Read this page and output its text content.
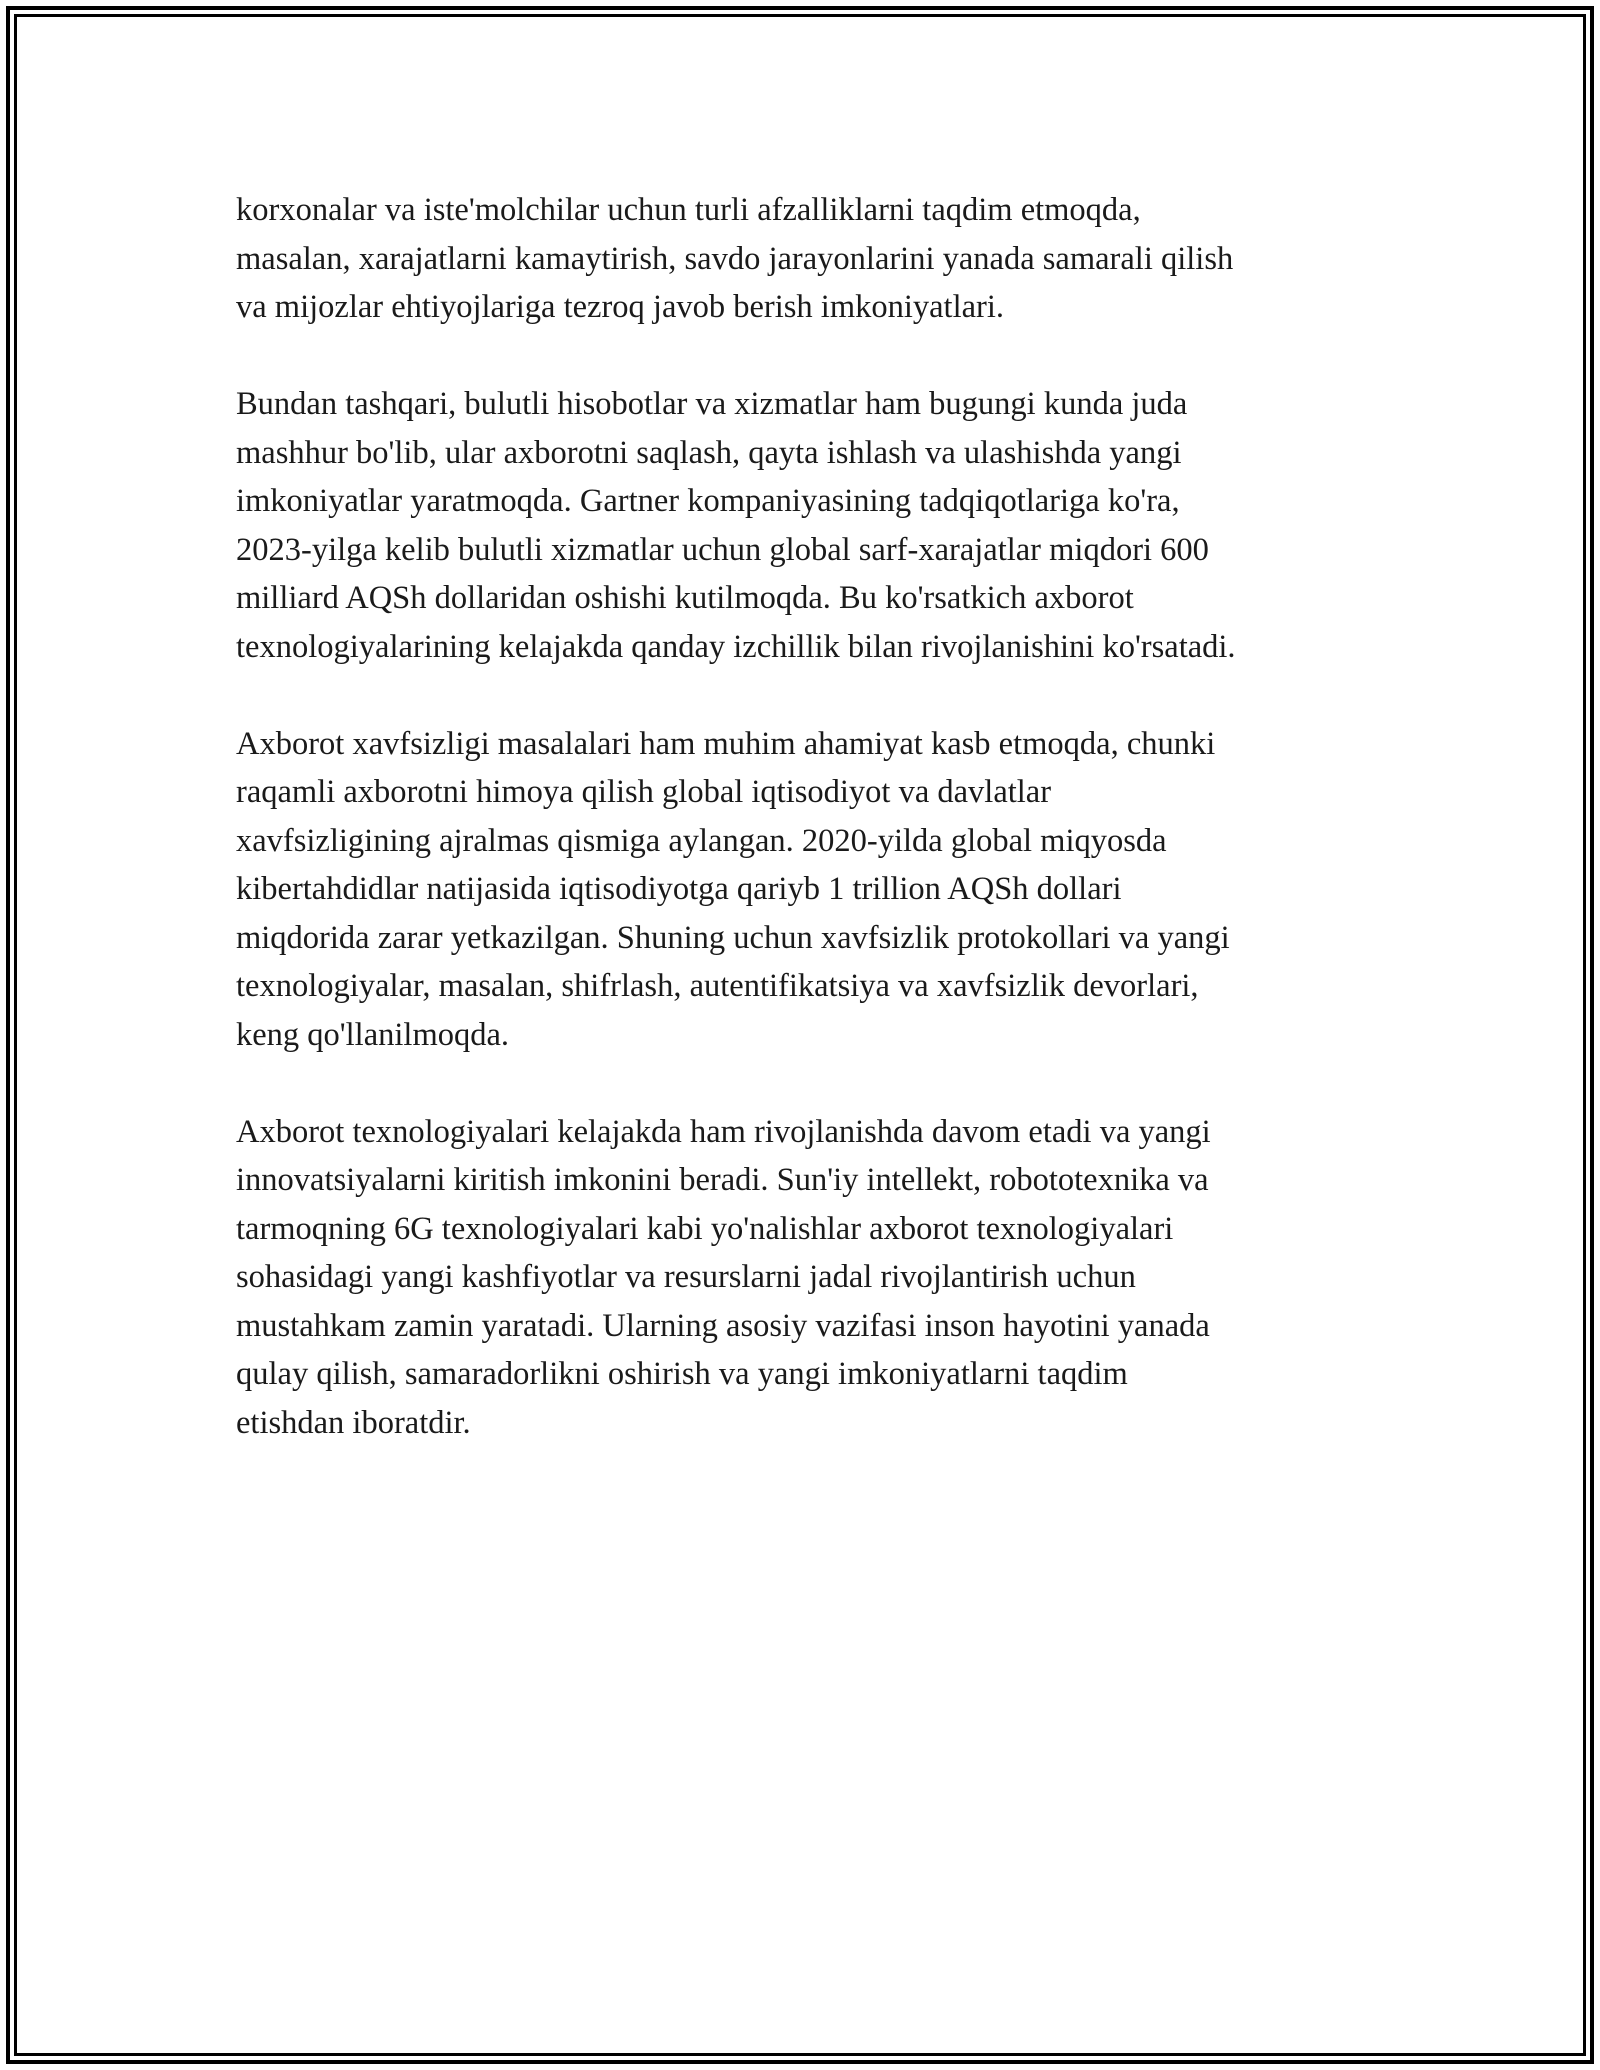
korxonalar va iste'molchilar uchun turli afzalliklarni taqdim etmoqda,
masalan, xarajatlarni kamaytirish, savdo jarayonlarini yanada samarali qilish
va mijozlar ehtiyojlariga tezroq javob berish imkoniyatlari.

Bundan tashqari, bulutli hisobotlar va xizmatlar ham bugungi kunda juda
mashhur bo'lib, ular axborotni saqlash, qayta ishlash va ulashishda yangi
imkoniyatlar yaratmoqda. Gartner kompaniyasining tadqiqotlariga ko'ra,
2023-yilga kelib bulutli xizmatlar uchun global sarf-xarajatlar miqdori 600
milliard AQSh dollaridan oshishi kutilmoqda. Bu ko'rsatkich axborot
texnologiyalarining kelajakda qanday izchillik bilan rivojlanishini ko'rsatadi.

Axborot xavfsizligi masalalari ham muhim ahamiyat kasb etmoqda, chunki
raqamli axborotni himoya qilish global iqtisodiyot va davlatlar
xavfsizligining ajralmas qismiga aylangan. 2020-yilda global miqyosda
kibertahdidlar natijasida iqtisodiyotga qariyb 1 trillion AQSh dollari
miqdorida zarar yetkazilgan. Shuning uchun xavfsizlik protokollari va yangi
texnologiyalar, masalan, shifrlash, autentifikatsiya va xavfsizlik devorlari,
keng qo'llanilmoqda.

Axborot texnologiyalari kelajakda ham rivojlanishda davom etadi va yangi
innovatsiyalarni kiritish imkonini beradi. Sun'iy intellekt, robototexnika va
tarmoqning 6G texnologiyalari kabi yo'nalishlar axborot texnologiyalari
sohasidagi yangi kashfiyotlar va resurslarni jadal rivojlantirish uchun
mustahkam zamin yaratadi. Ularning asosiy vazifasi inson hayotini yanada
qulay qilish, samaradorlikni oshirish va yangi imkoniyatlarni taqdim
etishdan iboratdir.
